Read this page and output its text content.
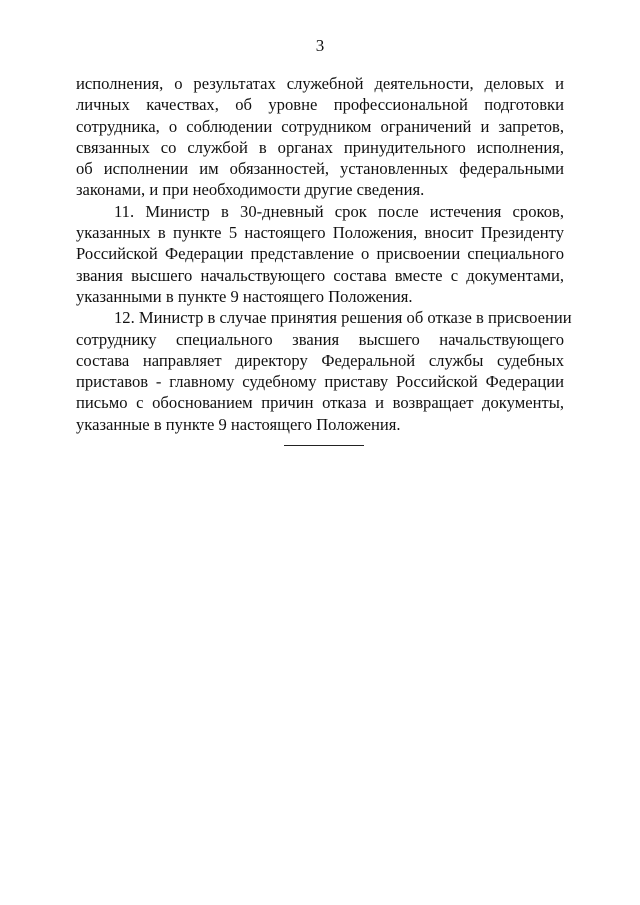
3
исполнения, о результатах служебной деятельности, деловых и
личных качествах, об уровне профессиональной подготовки
сотрудника, о соблюдении сотрудником ограничений и запретов,
связанных со службой в органах принудительного исполнения,
об исполнении им обязанностей, установленных федеральными
законами, и при необходимости другие сведения.
11. Министр в 30-дневный срок после истечения сроков,
указанных в пункте 5 настоящего Положения, вносит Президенту
Российской Федерации представление о присвоении специального
звания высшего начальствующего состава вместе с документами,
указанными в пункте 9 настоящего Положения.
12. Министр в случае принятия решения об отказе в присвоении
сотруднику специального звания высшего начальствующего
состава направляет директору Федеральной службы судебных
приставов - главному судебному приставу Российской Федерации
письмо с обоснованием причин отказа и возвращает документы,
указанные в пункте 9 настоящего Положения.
